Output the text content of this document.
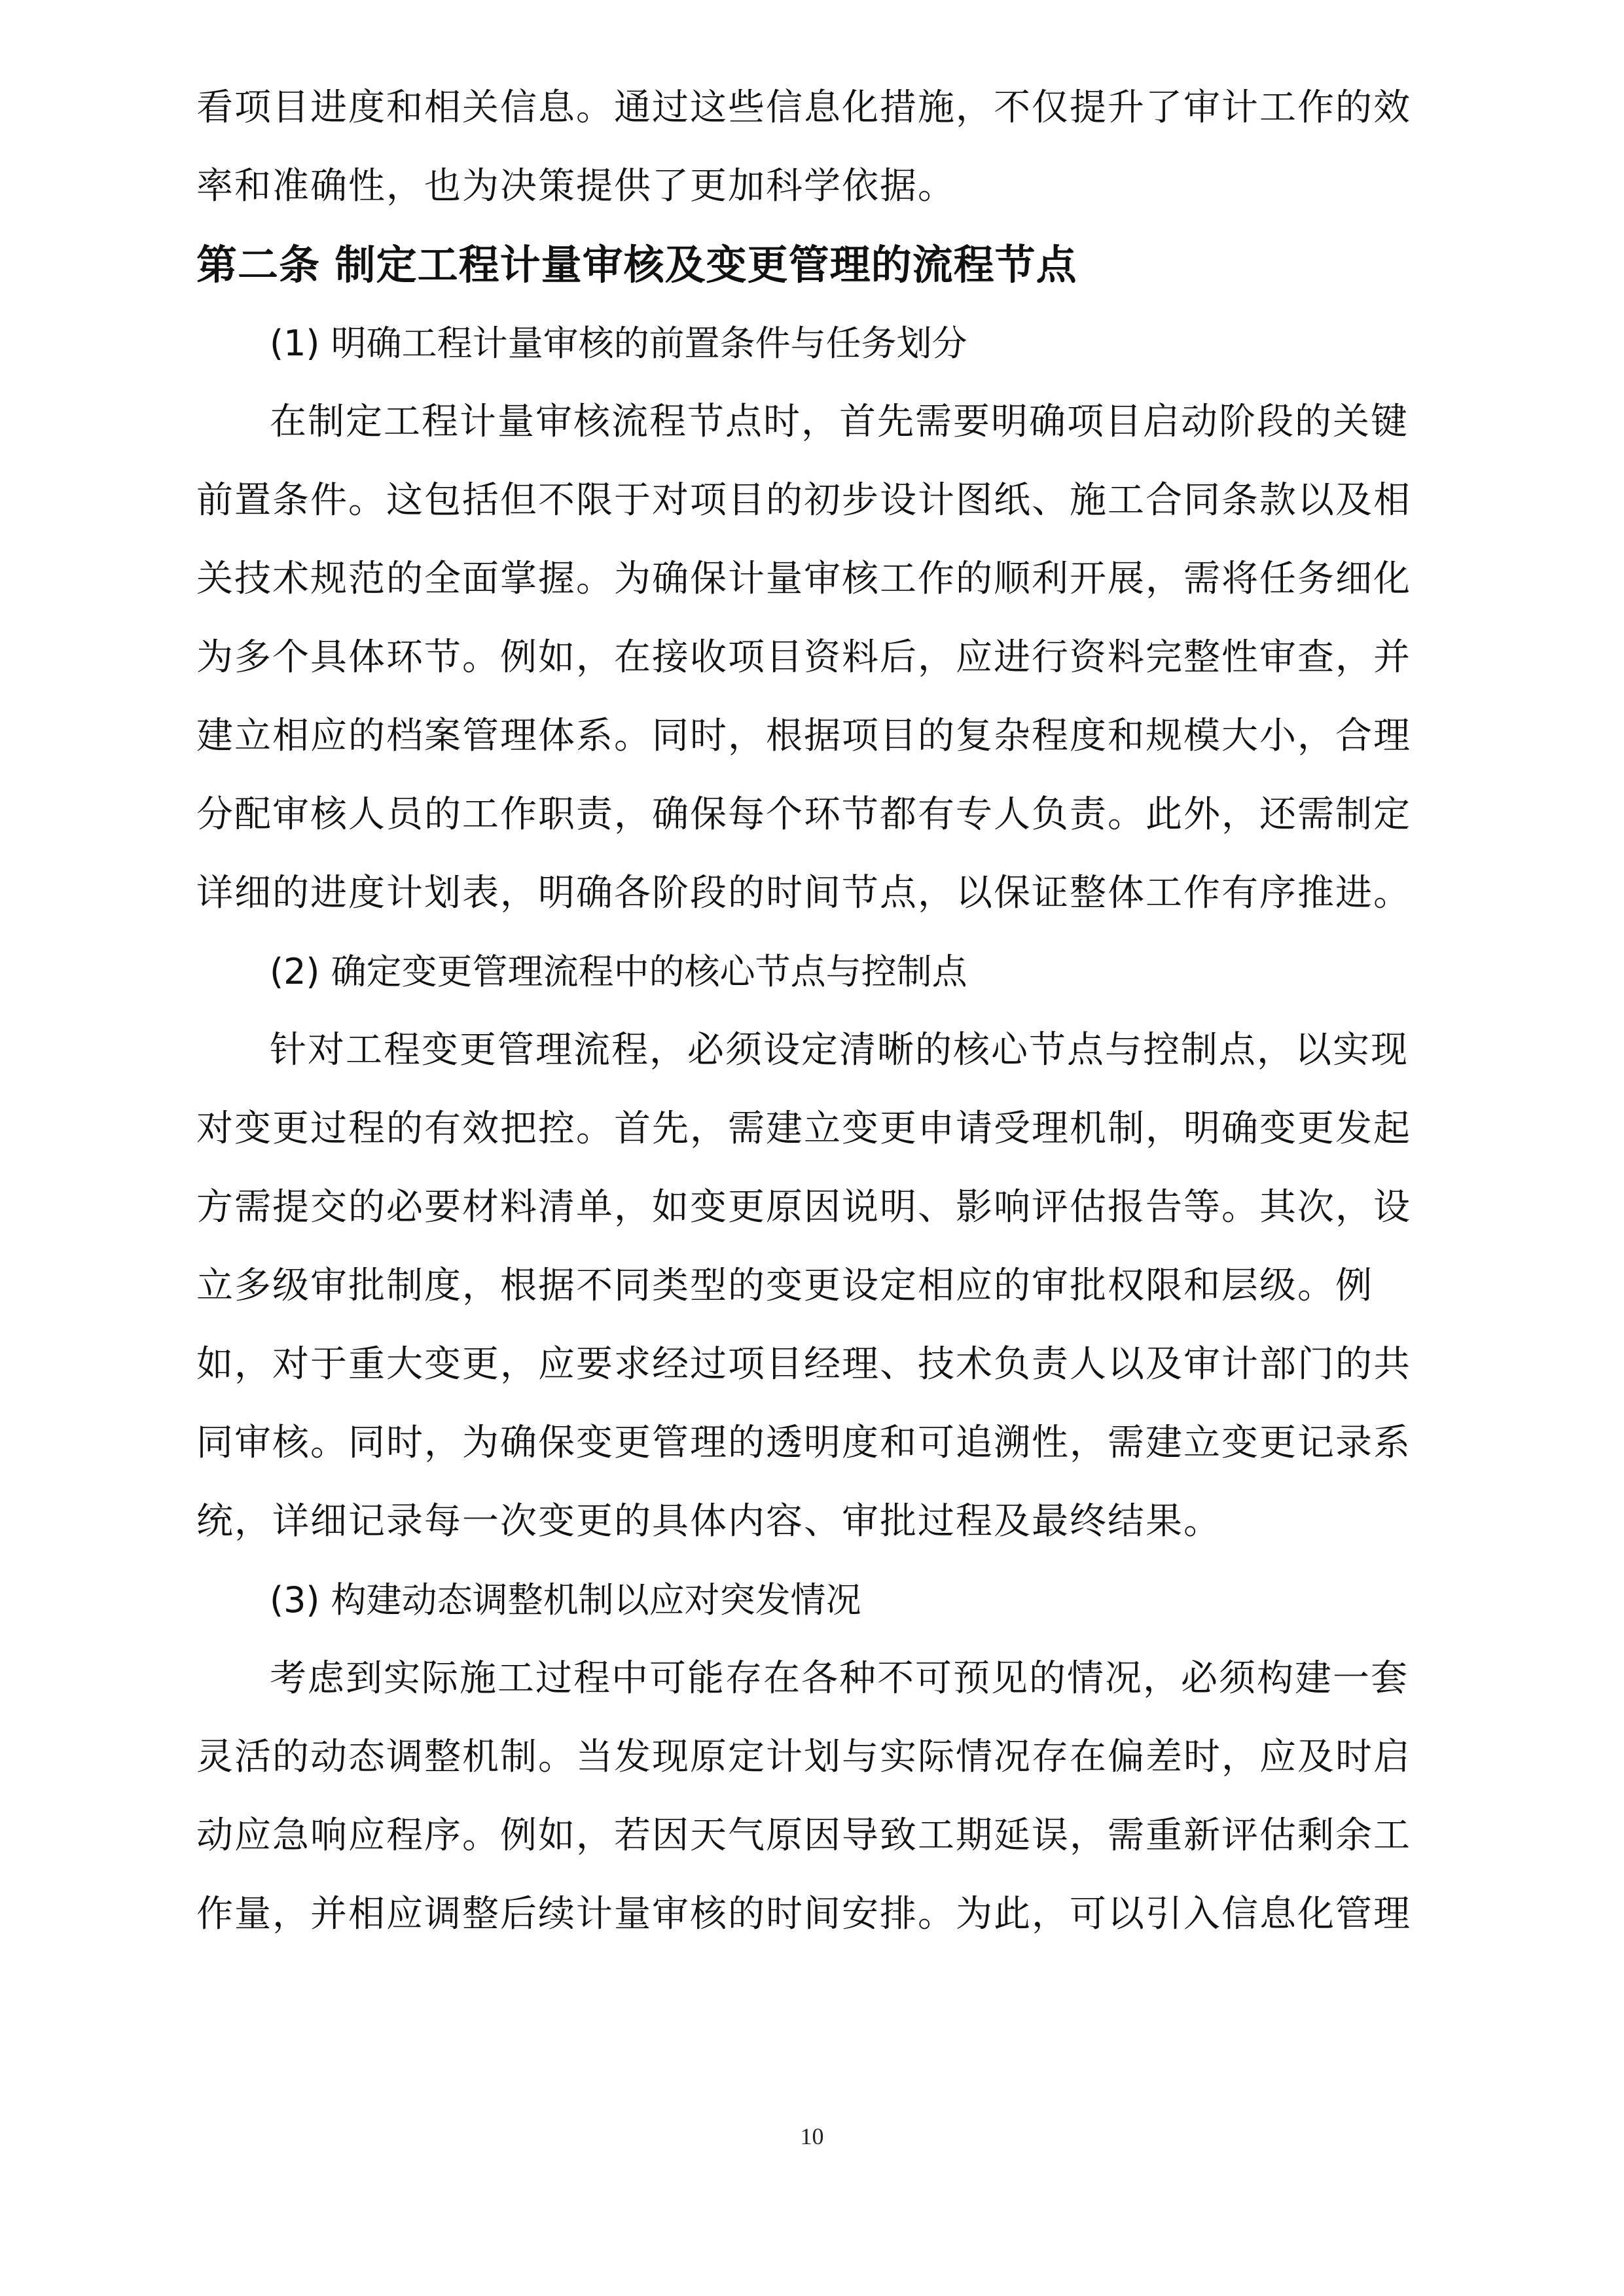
看项目进度和相关信息。通过这些信息化措施，不仅提升了审计工作的效
率和准确性，也为决策提供了更加科学依据。
第二条 制定工程计量审核及变更管理的流程节点
(1) 明确工程计量审核的前置条件与任务划分
在制定工程计量审核流程节点时，首先需要明确项目启动阶段的关键
前置条件。这包括但不限于对项目的初步设计图纸、施工合同条款以及相
关技术规范的全面掌握。为确保计量审核工作的顺利开展，需将任务细化
为多个具体环节。例如，在接收项目资料后，应进行资料完整性审查，并
建立相应的档案管理体系。同时，根据项目的复杂程度和规模大小，合理
分配审核人员的工作职责，确保每个环节都有专人负责。此外，还需制定
详细的进度计划表，明确各阶段的时间节点，以保证整体工作有序推进。
(2) 确定变更管理流程中的核心节点与控制点
针对工程变更管理流程，必须设定清晰的核心节点与控制点，以实现
对变更过程的有效把控。首先，需建立变更申请受理机制，明确变更发起
方需提交的必要材料清单，如变更原因说明、影响评估报告等。其次，设
立多级审批制度，根据不同类型的变更设定相应的审批权限和层级。例
如，对于重大变更，应要求经过项目经理、技术负责人以及审计部门的共
同审核。同时，为确保变更管理的透明度和可追溯性，需建立变更记录系
统，详细记录每一次变更的具体内容、审批过程及最终结果。
(3) 构建动态调整机制以应对突发情况
考虑到实际施工过程中可能存在各种不可预见的情况，必须构建一套
灵活的动态调整机制。当发现原定计划与实际情况存在偏差时，应及时启
动应急响应程序。例如，若因天气原因导致工期延误，需重新评估剩余工
作量，并相应调整后续计量审核的时间安排。为此，可以引入信息化管理
10
